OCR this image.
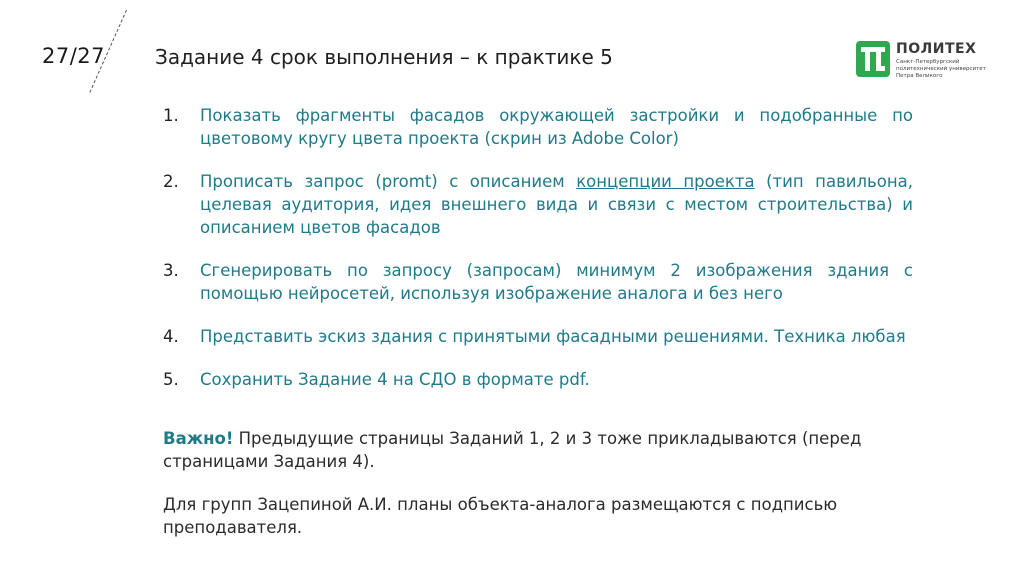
27/27 Задание 4 срок выполнения – к практике 5	ПОЛИТЕХ
Санкт-Петербургский политехнический университет Петра Великого
1.	Показать фрагменты фасадов окружающей застройки и подобранные по цветовому кругу цвета проекта (скрин из Adobe Color)
2.	Прописать запрос (promt) с описанием концепции проекта (тип павильона, целевая аудитория, идея внешнего вида и связи с местом строительства) и описанием цветов фасадов
3.	Сгенерировать по запросу (запросам) минимум 2 изображения здания с помощью нейросетей, используя изображение аналога и без него
4.	Представить эскиз здания с принятыми фасадными решениями. Техника любая
5.	Сохранить Задание 4 на СДО в формате pdf.
Важно! Предыдущие страницы Заданий 1, 2 и 3 тоже прикладываются (перед страницами Задания 4).
Для групп Зацепиной А.И. планы объекта-аналога размещаются с подписью преподавателя.
